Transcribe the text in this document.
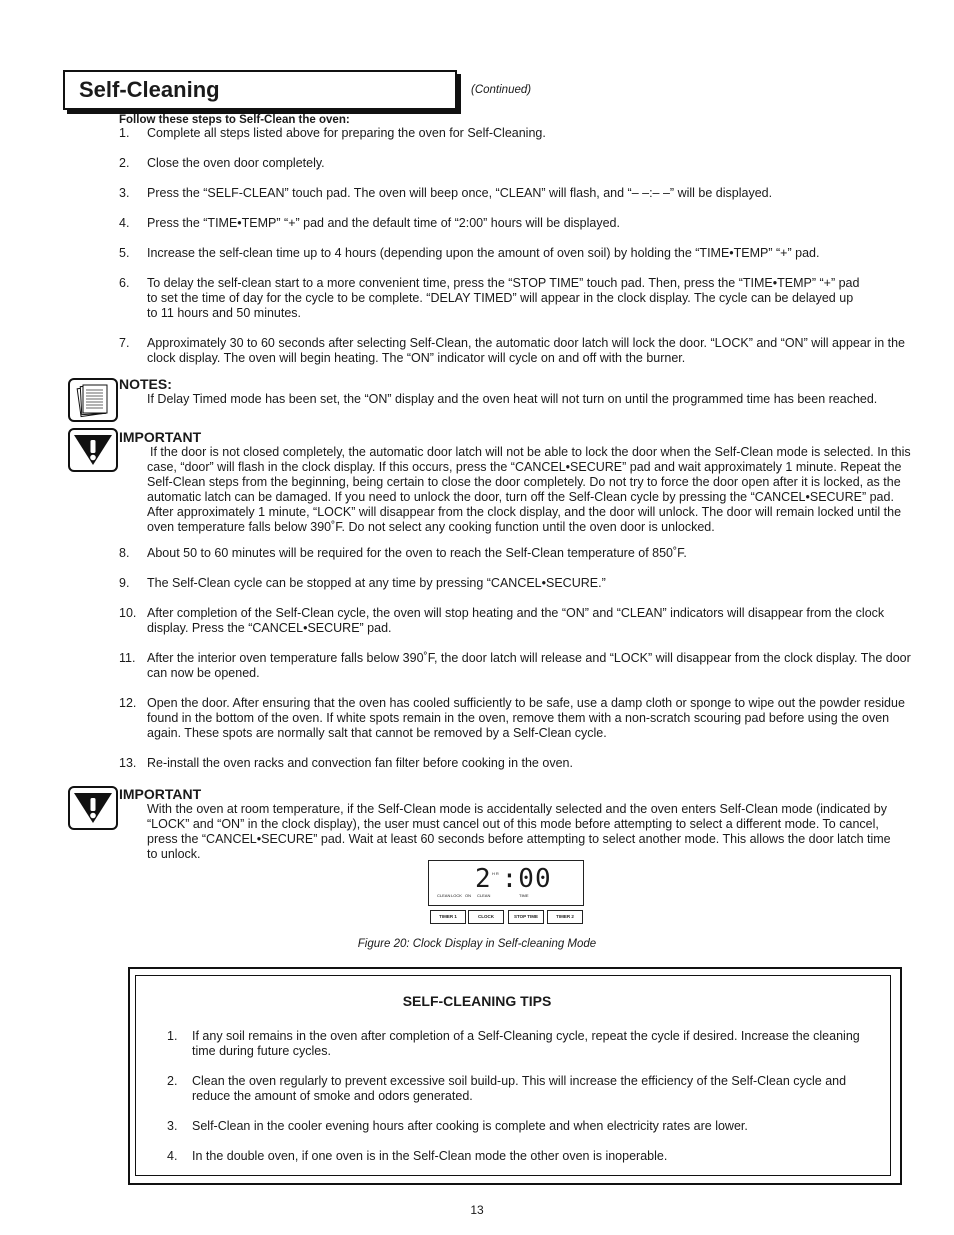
Self-Cleaning	(Continued)
Follow these steps to Self-Clean the oven:
1.	Complete all steps listed above for preparing the oven for Self-Cleaning.
2.	Close the oven door completely.
3.	Press the “SELF-CLEAN” touch pad. The oven will beep once, “CLEAN” will flash, and “– –:– –” will be displayed.
4.	Press the “TIME•TEMP” “+” pad and the default time of “2:00” hours will be displayed.
5.	Increase the self-clean time up to 4 hours (depending upon the amount of oven soil) by holding the “TIME•TEMP” “+” pad.
6.	To delay the self-clean start to a more convenient time, press the “STOP TIME” touch pad. Then, press the “TIME•TEMP” “+” pad to set the time of day for the cycle to be complete. “DELAY TIMED” will appear in the clock display. The cycle can be delayed up to 11 hours and 50 minutes.
7.	Approximately 30 to 60 seconds after selecting Self-Clean, the automatic door latch will lock the door. “LOCK” and “ON” will appear in the clock display. The oven will begin heating. The “ON” indicator will cycle on and off with the burner.
NOTES:
If Delay Timed mode has been set, the “ON” display and the oven heat will not turn on until the programmed time has been reached.
IMPORTANT
If the door is not closed completely, the automatic door latch will not be able to lock the door when the Self-Clean mode is selected. In this case, “door” will flash in the clock display. If this occurs, press the “CANCEL•SECURE” pad and wait approximately 1 minute. Repeat the Self-Clean steps from the beginning, being certain to close the door completely. Do not try to force the door open after it is locked, as the automatic latch can be damaged. If you need to unlock the door, turn off the Self-Clean cycle by pressing the “CANCEL•SECURE” pad. After approximately 1 minute, “LOCK” will disappear from the clock display, and the door will unlock. The door will remain locked until the oven temperature falls below 390˚F. Do not select any cooking function until the oven door is unlocked.
8.	About 50 to 60 minutes will be required for the oven to reach the Self-Clean temperature of 850˚F.
9.	The Self-Clean cycle can be stopped at any time by pressing “CANCEL•SECURE.”
10. After completion of the Self-Clean cycle, the oven will stop heating and the “ON” and “CLEAN” indicators will disappear from the clock display. Press the “CANCEL•SECURE” pad.
11. After the interior oven temperature falls below 390˚F, the door latch will release and “LOCK” will disappear from the clock display. The door can now be opened.
12. Open the door. After ensuring that the oven has cooled sufficiently to be safe, use a damp cloth or sponge to wipe out the powder residue found in the bottom of the oven. If white spots remain in the oven, remove them with a non-scratch scouring pad before using the oven again. These spots are normally salt that cannot be removed by a Self-Clean cycle.
13. Re-install the oven racks and convection fan filter before cooking in the oven.
IMPORTANT
With the oven at room temperature, if the Self-Clean mode is accidentally selected and the oven enters Self-Clean mode (indicated by “LOCK” and “ON” in the clock display), the user must cancel out of this mode before attempting to select a different mode. To cancel, press the “CANCEL•SECURE” pad. Wait at least 60 seconds before attempting to select another mode. This allows the door latch time to unlock.
2 HR :00
CLEAN LOCK ON CLEAN	TIME
TIMER 1	CLOCK	STOP TIME	TIMER 2
Figure 20: Clock Display in Self-cleaning Mode
SELF-CLEANING TIPS
1.	If any soil remains in the oven after completion of a Self-Cleaning cycle, repeat the cycle if desired. Increase the cleaning time during future cycles.
2.	Clean the oven regularly to prevent excessive soil build-up. This will increase the efficiency of the Self-Clean cycle and reduce the amount of smoke and odors generated.
3.	Self-Clean in the cooler evening hours after cooking is complete and when electricity rates are lower.
4.	In the double oven, if one oven is in the Self-Clean mode the other oven is inoperable.
13
